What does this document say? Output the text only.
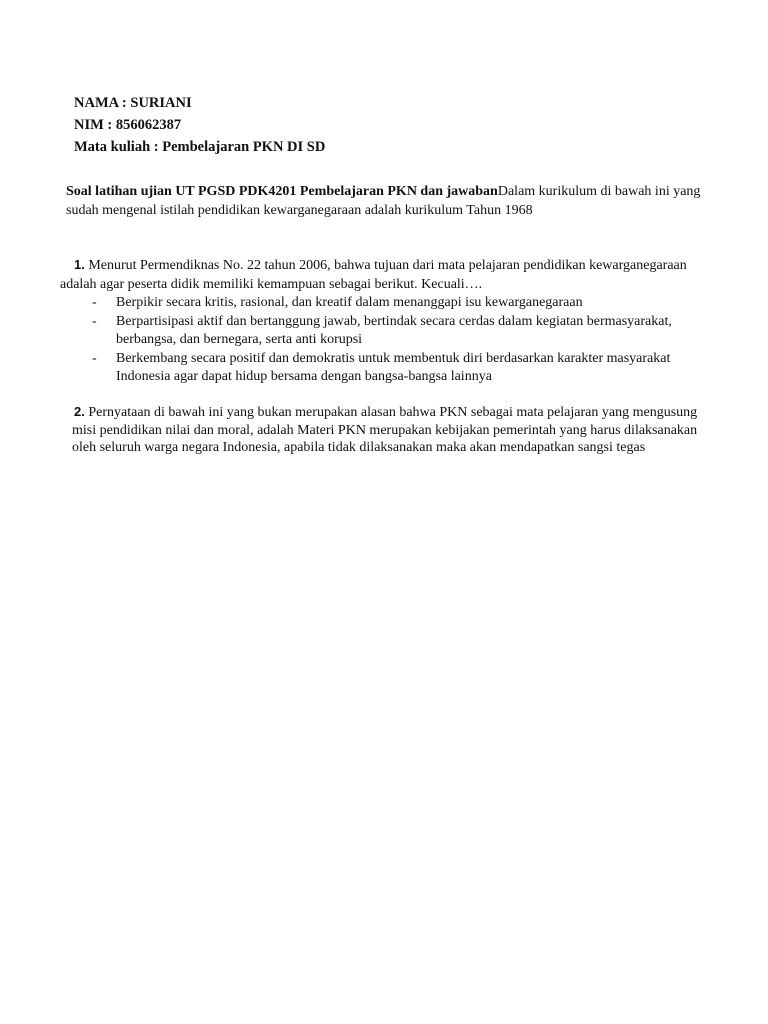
NAMA : SURIANI
NIM : 856062387
Mata kuliah : Pembelajaran PKN DI SD
Soal latihan ujian UT PGSD PDK4201 Pembelajaran PKN dan jawabanDalam kurikulum di bawah ini yang sudah mengenal istilah pendidikan kewarganegaraan adalah kurikulum Tahun 1968
1. Menurut Permendiknas No. 22 tahun 2006, bahwa tujuan dari mata pelajaran pendidikan kewarganegaraan adalah agar peserta didik memiliki kemampuan sebagai berikut. Kecuali….
- Berpikir secara kritis, rasional, dan kreatif dalam menanggapi isu kewarganegaraan
- Berpartisipasi aktif dan bertanggung jawab, bertindak secara cerdas dalam kegiatan bermasyarakat, berbangsa, dan bernegara, serta anti korupsi
- Berkembang secara positif dan demokratis untuk membentuk diri berdasarkan karakter masyarakat Indonesia agar dapat hidup bersama dengan bangsa-bangsa lainnya
2. Pernyataan di bawah ini yang bukan merupakan alasan bahwa PKN sebagai mata pelajaran yang mengusung misi pendidikan nilai dan moral, adalah Materi PKN merupakan kebijakan pemerintah yang harus dilaksanakan oleh seluruh warga negara Indonesia, apabila tidak dilaksanakan maka akan mendapatkan sangsi tegas
